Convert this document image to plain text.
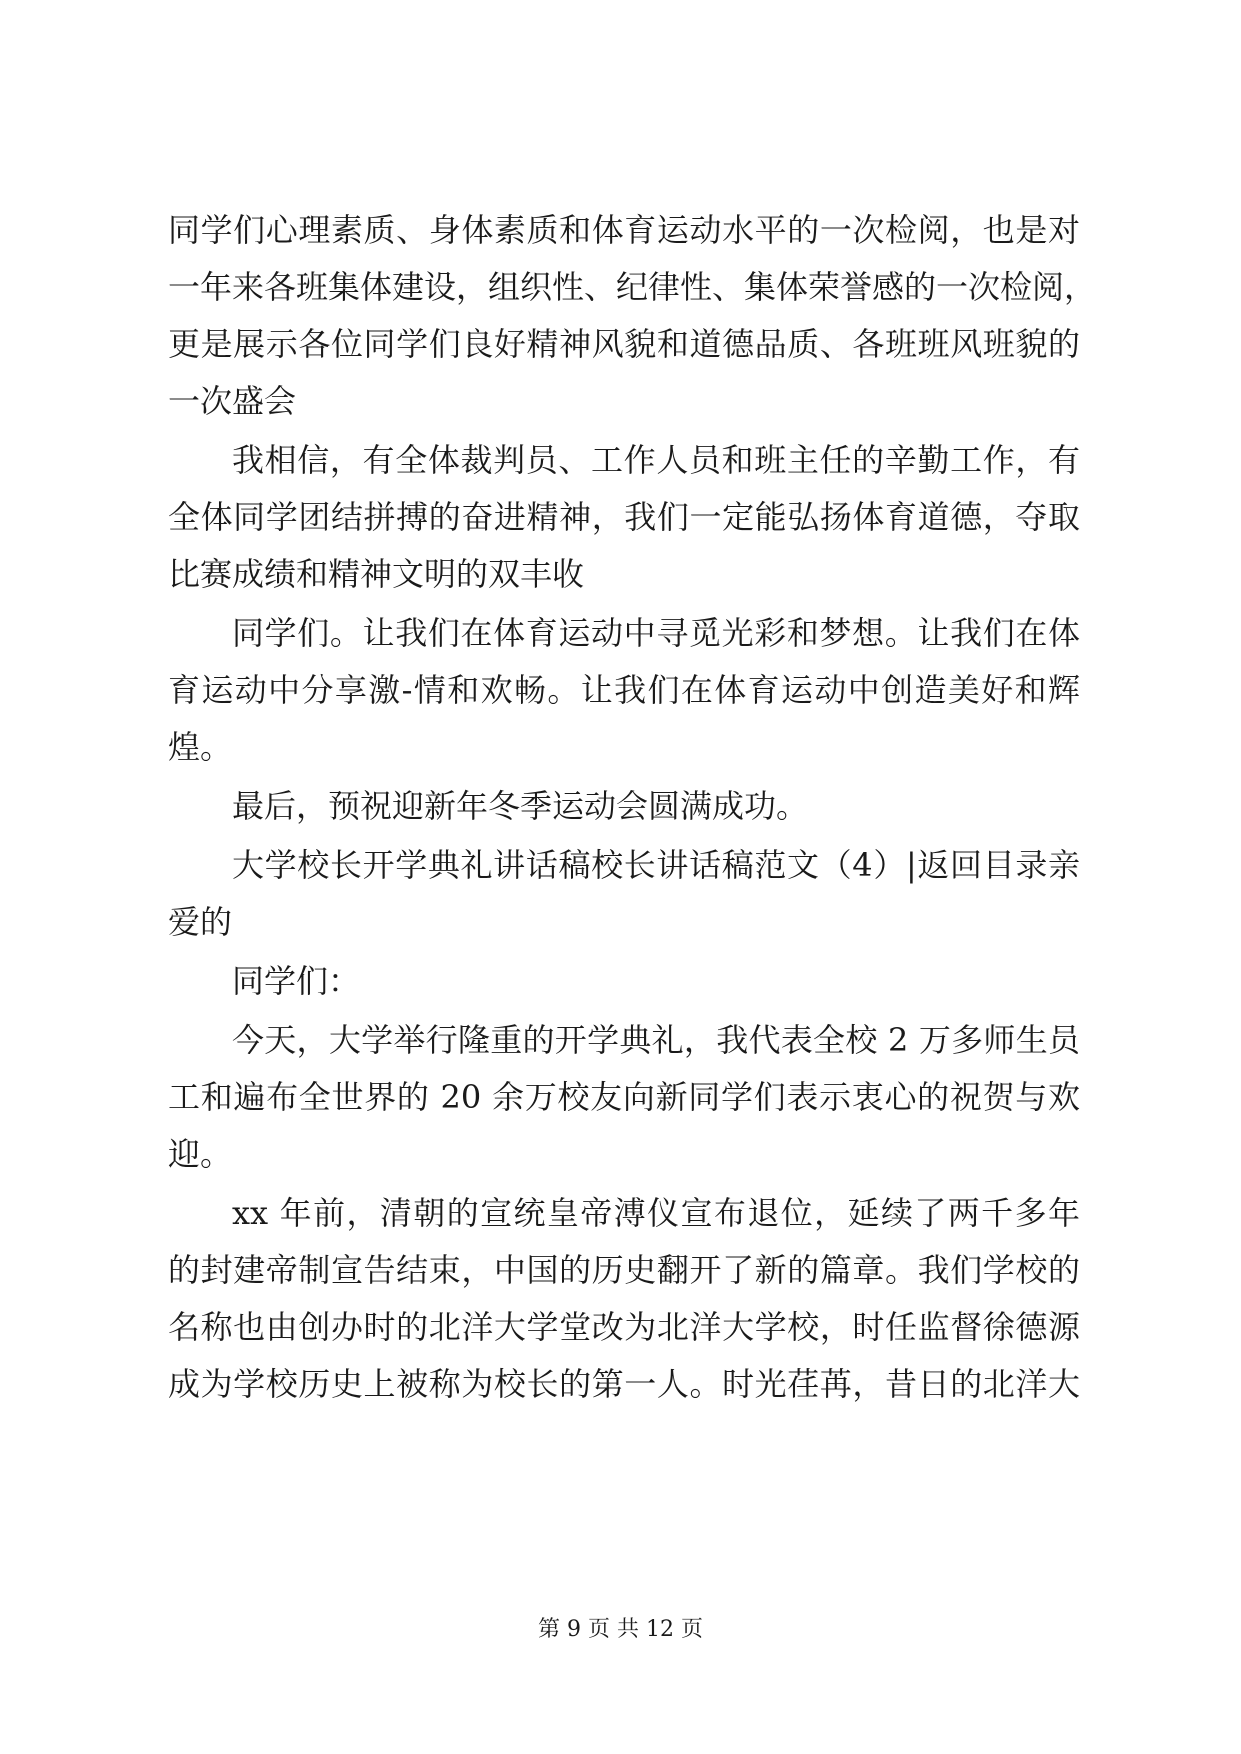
同学们心理素质、身体素质和体育运动水平的一次检阅，也是对
一年来各班集体建设，组织性、纪律性、集体荣誉感的一次检阅，
更是展示各位同学们良好精神风貌和道德品质、各班班风班貌的
一次盛会
我相信，有全体裁判员、工作人员和班主任的辛勤工作，有
全体同学团结拼搏的奋进精神，我们一定能弘扬体育道德，夺取
比赛成绩和精神文明的双丰收
同学们。让我们在体育运动中寻觅光彩和梦想。让我们在体
育运动中分享激-情和欢畅。让我们在体育运动中创造美好和辉
煌。
最后，预祝迎新年冬季运动会圆满成功。
大学校长开学典礼讲话稿校长讲话稿范文（4）|返回目录亲
爱的
同学们：
今天，大学举行隆重的开学典礼，我代表全校 2 万多师生员
工和遍布全世界的 20 余万校友向新同学们表示衷心的祝贺与欢
迎。
xx 年前，清朝的宣统皇帝溥仪宣布退位，延续了两千多年
的封建帝制宣告结束，中国的历史翻开了新的篇章。我们学校的
名称也由创办时的北洋大学堂改为北洋大学校，时任监督徐德源
成为学校历史上被称为校长的第一人。时光荏苒，昔日的北洋大
第 9 页 共 12 页
